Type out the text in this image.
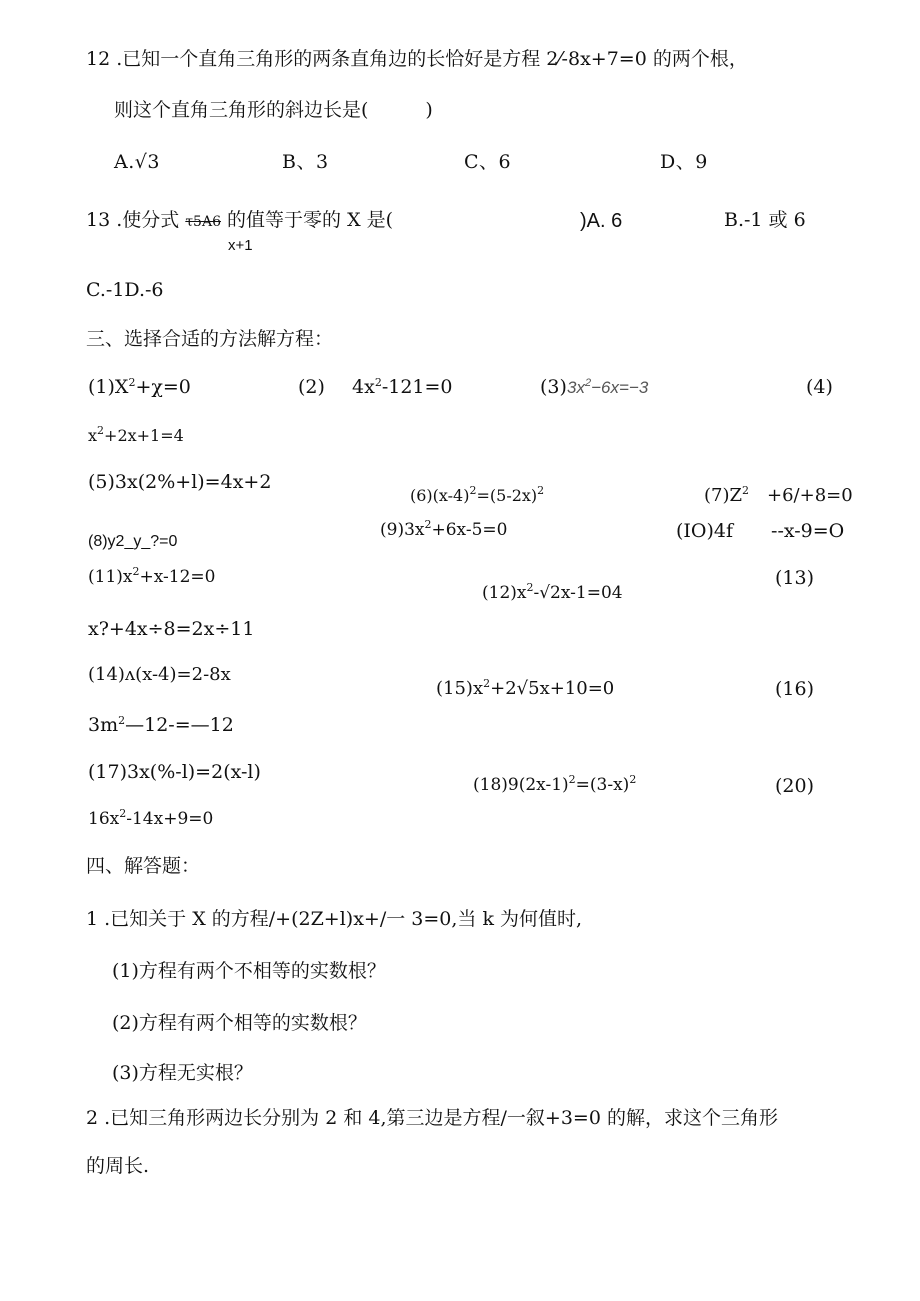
12 .已知一个直角三角形的两条直角边的长恰好是方程 2⁄-8x+7=0 的两个根，
则这个直角三角形的斜边长是(　　　)
A.√3	B、3	C、6	D、9
13 .使分式 τ5A6 的值等于零的 X 是(
x+1
)A. 6	B.-1 或 6
C.-1D.-6
三、选择合适的方法解方程：
$(1)X^2+\chi=0$	(2) $4x^2-121=0$	(3) $3x^2-6x=-3$	(4)
$x^2+2x+1=4$
(5)3x(2%+l)=4x+2
$(6)(x-4)^2=(5-2x)^2$	$(7)Z^2$　+6/+8=0
(8)y2_y_?=0
$(9)3x^2+6x-5=0$	(IO)4f　　--x-9=O
$(11)x^2+x-12=0$
$(12)x^2-√2x-1=04$
(13)
x?+4x÷8=2x÷11
(14)ʌ(x-4)=2-8x
$(15)x^2+2√5x+10=0$	(16)
$3m^2—12-=—12$
(17)3x(%-l)=2(x-l)
$(18)9(2x-1)^2=(3-x)^2$	(20)
$16x^2-14x+9=0$
四、解答题：
1 .已知关于 X 的方程/+(2Z+l)x+/一 3=0,当 k 为何值时,
(1)方程有两个不相等的实数根？
(2)方程有两个相等的实数根？
(3)方程无实根？
2 .已知三角形两边长分别为 2 和 4,第三边是方程/一叙+3=0 的解，求这个三角形
的周长.
